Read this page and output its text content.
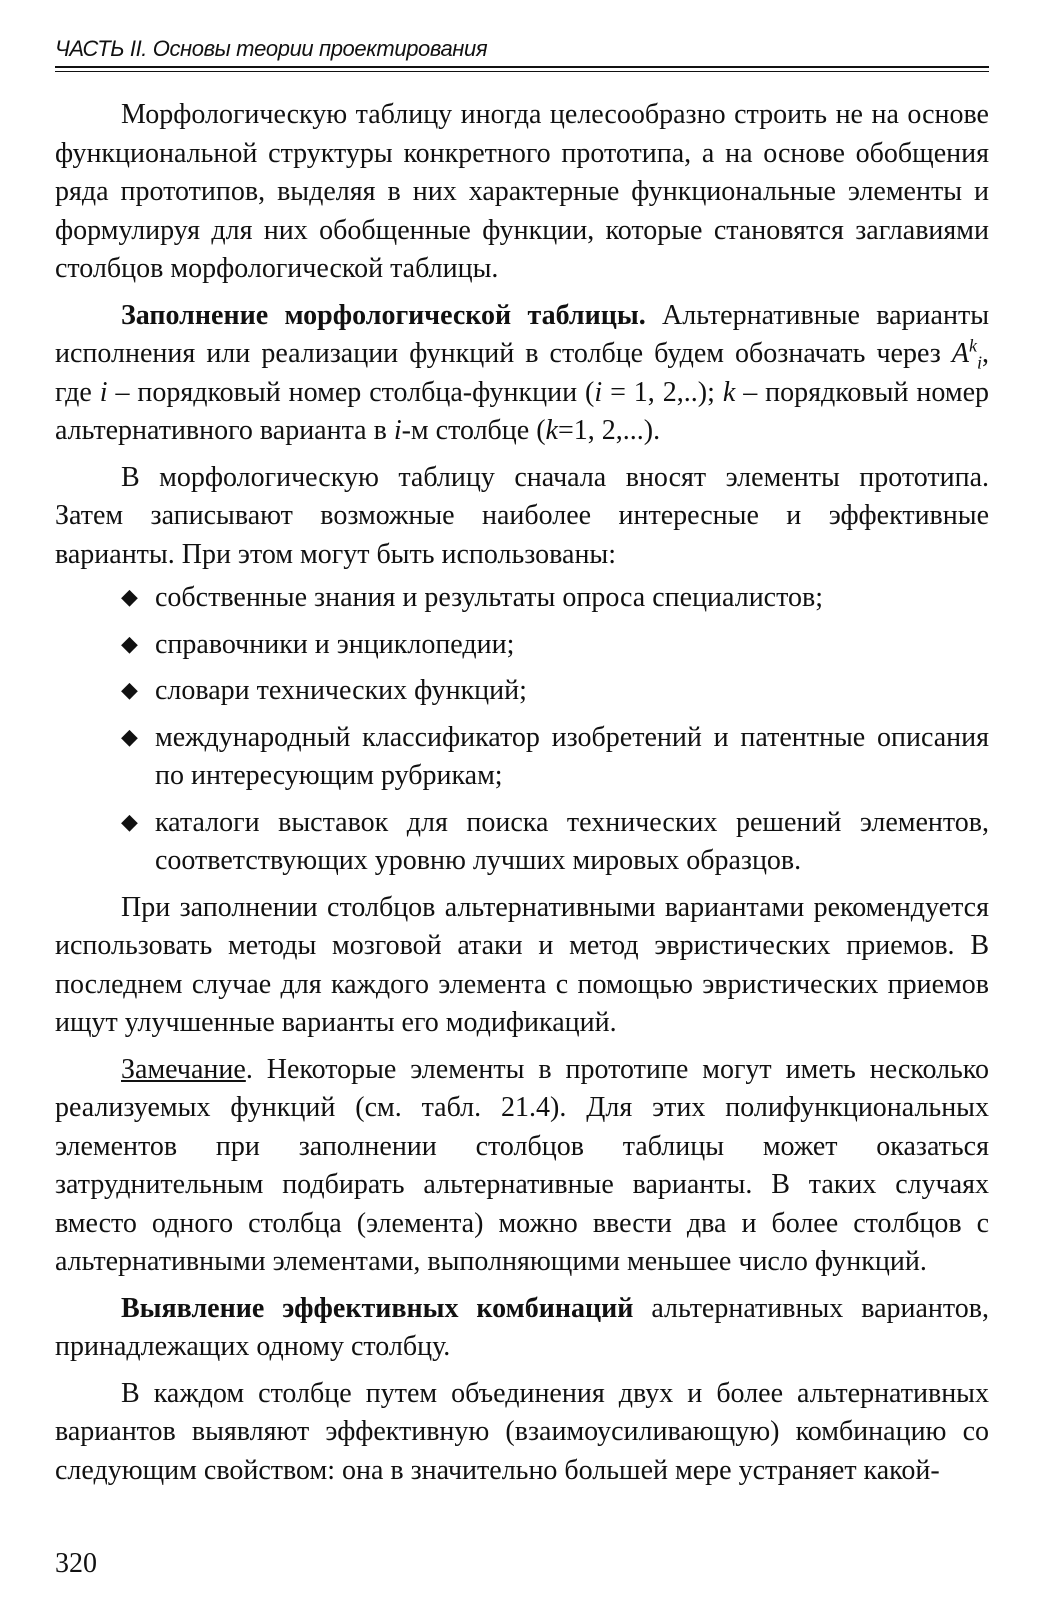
ЧАСТЬ II. Основы теории проектирования

Морфологическую таблицу иногда целесообразно строить не на основе функциональной структуры конкретного прототипа, а на основе обобщения ряда прототипов, выделяя в них характерные функциональные элементы и формулируя для них обобщенные функции, которые становятся заглавиями столбцов морфологической таблицы.

Заполнение морфологической таблицы. Альтернативные варианты исполнения или реализации функций в столбце будем обозначать через $A^k_i$, где i – порядковый номер столбца-функции (i = 1, 2,..); k – порядковый номер альтернативного варианта в i-м столбце (k=1, 2,...).

В морфологическую таблицу сначала вносят элементы прототипа. Затем записывают возможные наиболее интересные и эффективные варианты. При этом могут быть использованы:

◆ собственные знания и результаты опроса специалистов;
◆ справочники и энциклопедии;
◆ словари технических функций;
◆ международный классификатор изобретений и патентные описания по интересующим рубрикам;
◆ каталоги выставок для поиска технических решений элементов, соответствующих уровню лучших мировых образцов.

При заполнении столбцов альтернативными вариантами рекомендуется использовать методы мозговой атаки и метод эвристических приемов. В последнем случае для каждого элемента с помощью эвристических приемов ищут улучшенные варианты его модификаций.

Замечание. Некоторые элементы в прототипе могут иметь несколько реализуемых функций (см. табл. 21.4). Для этих полифункциональных элементов при заполнении столбцов таблицы может оказаться затруднительным подбирать альтернативные варианты. В таких случаях вместо одного столбца (элемента) можно ввести два и более столбцов с альтернативными элементами, выполняющими меньшее число функций.

Выявление эффективных комбинаций альтернативных вариантов, принадлежащих одному столбцу.

В каждом столбце путем объединения двух и более альтернативных вариантов выявляют эффективную (взаимоусиливающую) комбинацию со следующим свойством: она в значительно большей мере устраняет какой-

320
